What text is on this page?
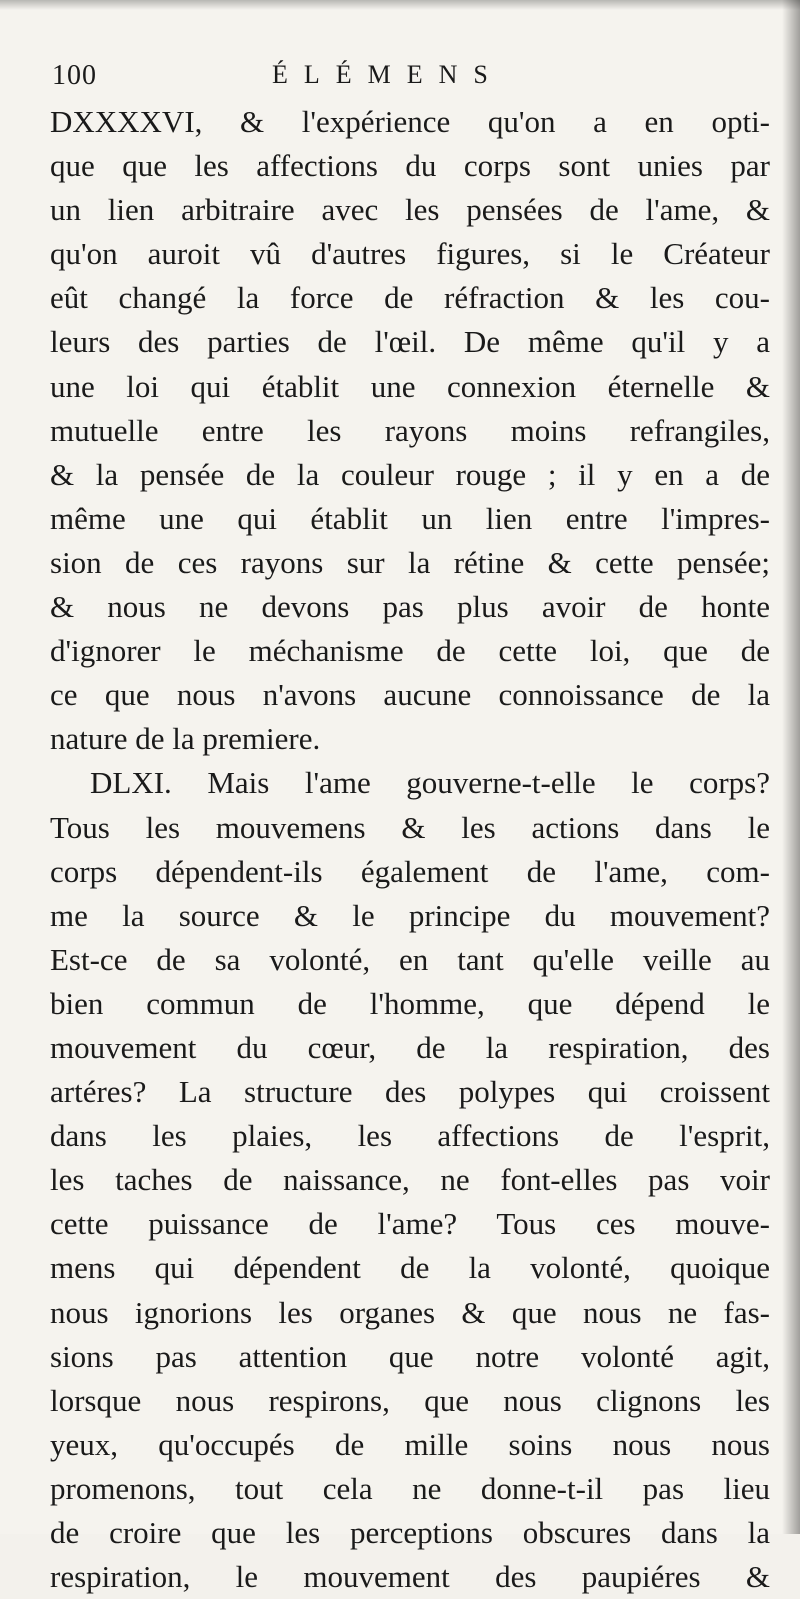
100	ÉLÉMENS
DXXXXVI, & l'expérience qu'on a en opti-
que que les affections du corps sont unies par
un lien arbitraire avec les pensées de l'ame, &
qu'on auroit vû d'autres figures, si le Créateur
eût changé la force de réfraction & les cou-
leurs des parties de l'œil. De même qu'il y a
une loi qui établit une connexion éternelle &
mutuelle entre les rayons moins refrangiles,
& la pensée de la couleur rouge ; il y en a de
même une qui établit un lien entre l'impres-
sion de ces rayons sur la rétine & cette pensée;
& nous ne devons pas plus avoir de honte
d'ignorer le méchanisme de cette loi, que de
ce que nous n'avons aucune connoissance de la
nature de la premiere.
DLXI. Mais l'ame gouverne-t-elle le corps?
Tous les mouvemens & les actions dans le
corps dépendent-ils également de l'ame, com-
me la source & le principe du mouvement?
Est-ce de sa volonté, en tant qu'elle veille au
bien commun de l'homme, que dépend le
mouvement du cœur, de la respiration, des
artéres? La structure des polypes qui croissent
dans les plaies, les affections de l'esprit,
les taches de naissance, ne font-elles pas voir
cette puissance de l'ame? Tous ces mouve-
mens qui dépendent de la volonté, quoique
nous ignorions les organes & que nous ne fas-
sions pas attention que notre volonté agit,
lorsque nous respirons, que nous clignons les
yeux, qu'occupés de mille soins nous nous
promenons, tout cela ne donne-t-il pas lieu
de croire que les perceptions obscures dans la
respiration, le mouvement des paupiéres &
